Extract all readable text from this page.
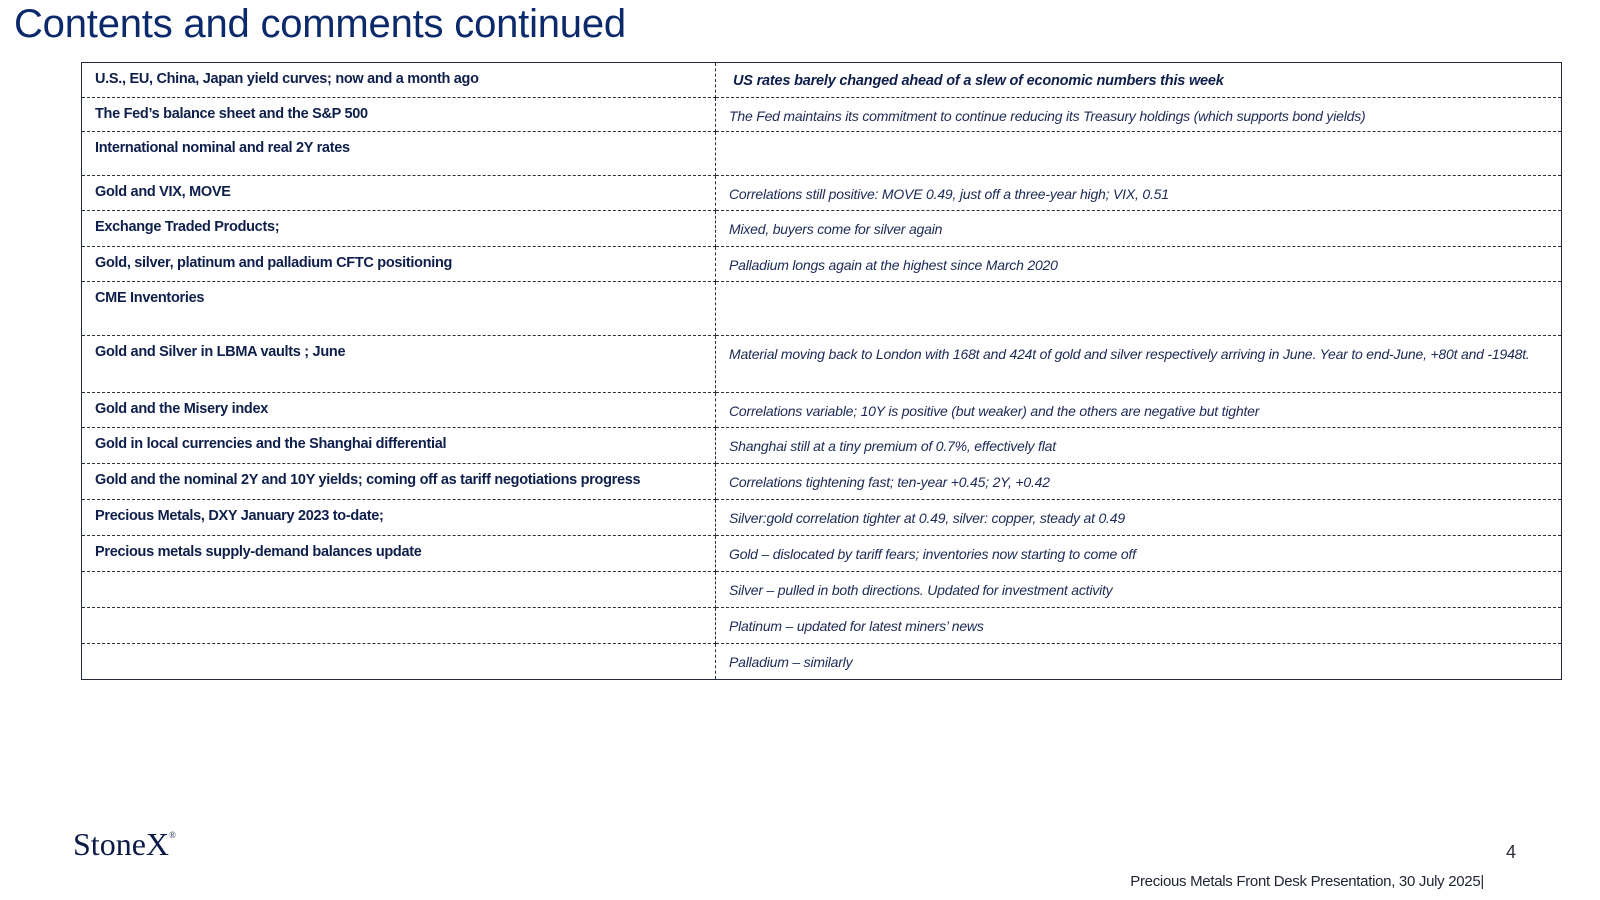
Contents and comments continued
U.S., EU, China, Japan yield curves; now and a month ago	US rates barely changed ahead of a slew of economic numbers this week
The Fed’s balance sheet and the S&P 500	The Fed maintains its commitment to continue reducing its Treasury holdings (which supports bond yields)
International nominal and real 2Y rates	
Gold and VIX, MOVE	Correlations still positive: MOVE 0.49, just off a three-year high; VIX, 0.51
Exchange Traded Products;	Mixed, buyers come for silver again
Gold, silver, platinum and palladium CFTC positioning	Palladium longs again at the highest since March 2020
CME Inventories	
Gold and Silver in LBMA vaults ; June	Material moving back to London with 168t and 424t of gold and silver respectively arriving in June. Year to end-June, +80t and -1948t.
Gold and the Misery index	Correlations variable; 10Y is positive (but weaker) and the others are negative but tighter
Gold in local currencies and the Shanghai differential	Shanghai still at a tiny premium of 0.7%, effectively flat
Gold and the nominal 2Y and 10Y yields; coming off as tariff negotiations progress	Correlations tightening fast; ten-year +0.45; 2Y, +0.42
Precious Metals, DXY January 2023 to-date;	Silver:gold correlation tighter at 0.49, silver: copper, steady at 0.49
Precious metals supply-demand balances update	Gold – dislocated by tariff fears; inventories now starting to come off
	Silver – pulled in both directions. Updated for investment activity
	Platinum – updated for latest miners’ news
	Palladium – similarly
StoneX®
4
Precious Metals Front Desk Presentation, 30 July 2025|
